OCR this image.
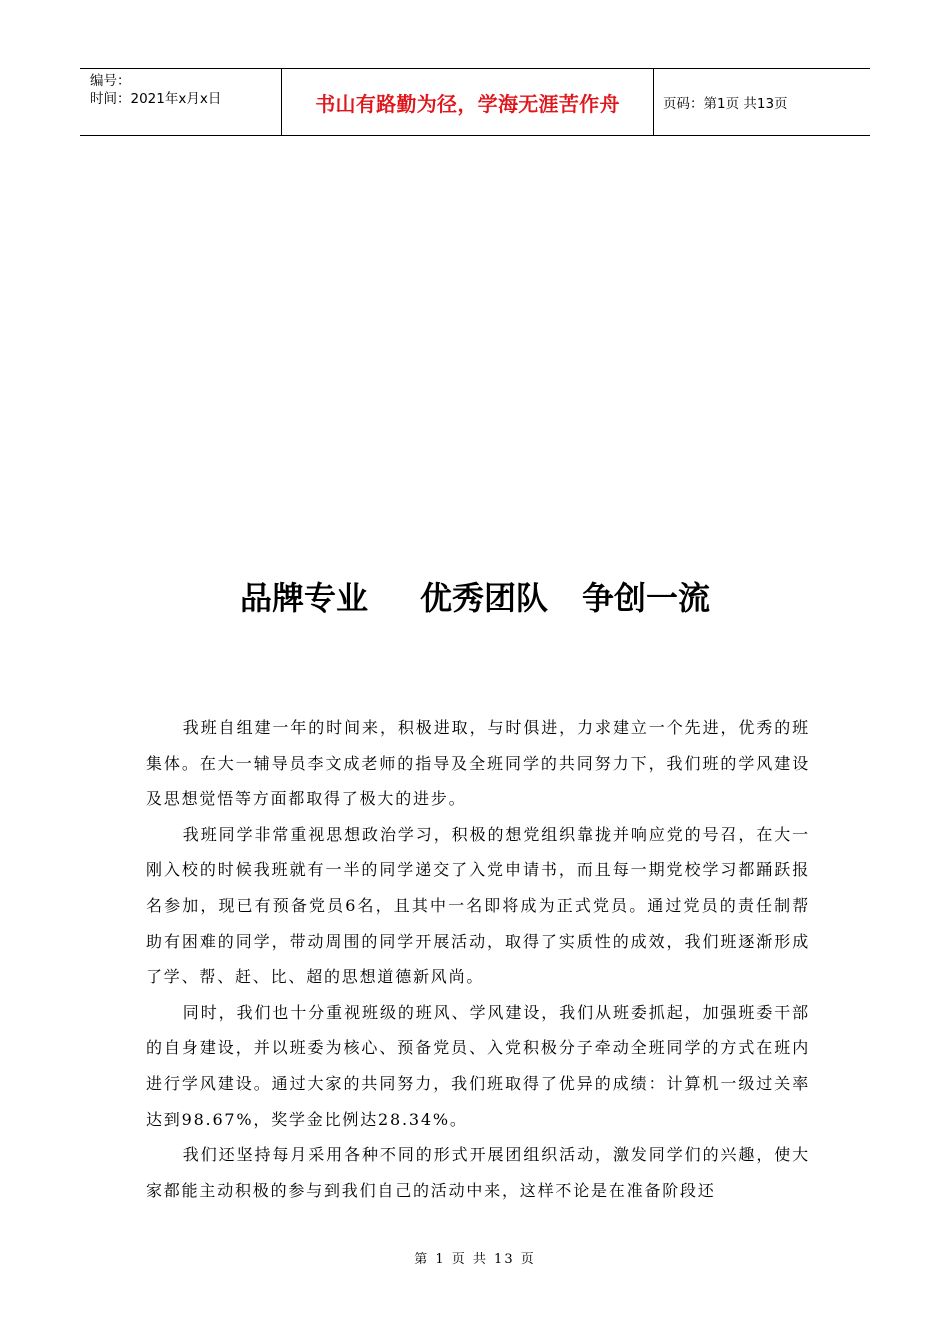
编号：
时间：2021年x月x日	书山有路勤为径，学海无涯苦作舟	页码：第1页 共13页
品牌专业 优秀团队 争创一流

我班自组建一年的时间来，积极进取，与时俱进，力求建立一个先进，优秀的班集体。在大一辅导员李文成老师的指导及全班同学的共同努力下，我们班的学风建设及思想觉悟等方面都取得了极大的进步。

我班同学非常重视思想政治学习，积极的想党组织靠拢并响应党的号召，在大一刚入校的时候我班就有一半的同学递交了入党申请书，而且每一期党校学习都踊跃报名参加，现已有预备党员6名，且其中一名即将成为正式党员。通过党员的责任制帮助有困难的同学，带动周围的同学开展活动，取得了实质性的成效，我们班逐渐形成了学、帮、赶、比、超的思想道德新风尚。

同时，我们也十分重视班级的班风、学风建设，我们从班委抓起，加强班委干部的自身建设，并以班委为核心、预备党员、入党积极分子牵动全班同学的方式在班内进行学风建设。通过大家的共同努力，我们班取得了优异的成绩：计算机一级过关率达到98.67%，奖学金比例达28.34%。

我们还坚持每月采用各种不同的形式开展团组织活动，激发同学们的兴趣，使大家都能主动积极的参与到我们自己的活动中来，这样不论是在准备阶段还

第 1 页 共 13 页
